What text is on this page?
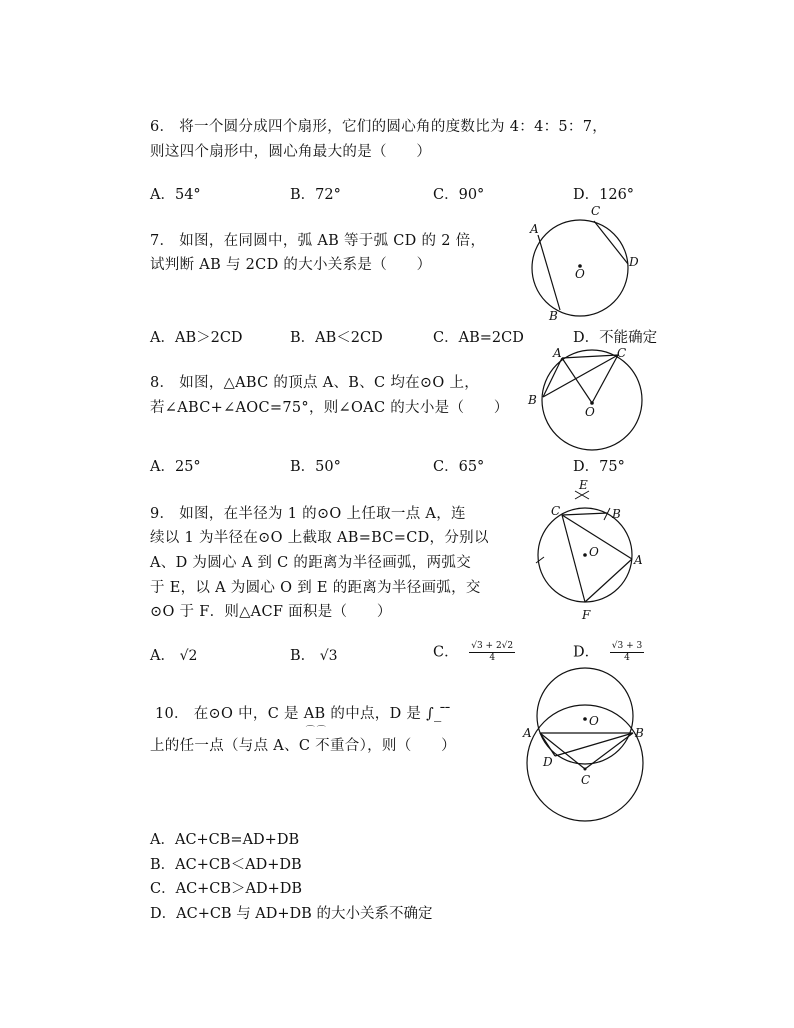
6． 将一个圆分成四个扇形，它们的圆心角的度数比为 4：4：5：7，
则这四个扇形中，圆心角最大的是（　　）
A．54°	B．72°	C．90°	D．126°
7． 如图，在同圆中，弧 AB 等于弧 CD 的 2 倍，
试判断 AB 与 2CD 的大小关系是（　　）
A
B
C
D
O
A．AB＞2CD	B．AB＜2CD	C．AB=2CD	D．不能确定
8． 如图，△ABC 的顶点 A、B、C 均在⊙O 上，
若∠ABC+∠AOC=75°，则∠OAC 的大小是（　　）
A
B
C
O
A．25°	B．50°	C．65°	D．75°
9． 如图，在半径为 1 的⊙O 上任取一点 A，连
续以 1 为半径在⊙O 上截取 AB=BC=CD，分别以
A、D 为圆心 A 到 C 的距离为半径画弧，两弧交
于 E，以 A 为圆心 O 到 E 的距离为半径画弧，交
⊙O 于 F．则△ACF 面积是（　　）
E
C	B
O
A
F
A． √2	B． √3	C． $\frac{√3 + 2√2}{4}$	D． $\frac{√3 + 3}{4}$
10． 在⊙O 中，C 是 AB
⌒⌒
的中点，D 是 ∫_ ̄ ̄
上的任一点（与点 A、C 不重合），则（　　）
A	B
C
D
O
A．AC+CB=AD+DB
B．AC+CB＜AD+DB
C．AC+CB＞AD+DB
D．AC+CB 与 AD+DB 的大小关系不确定
